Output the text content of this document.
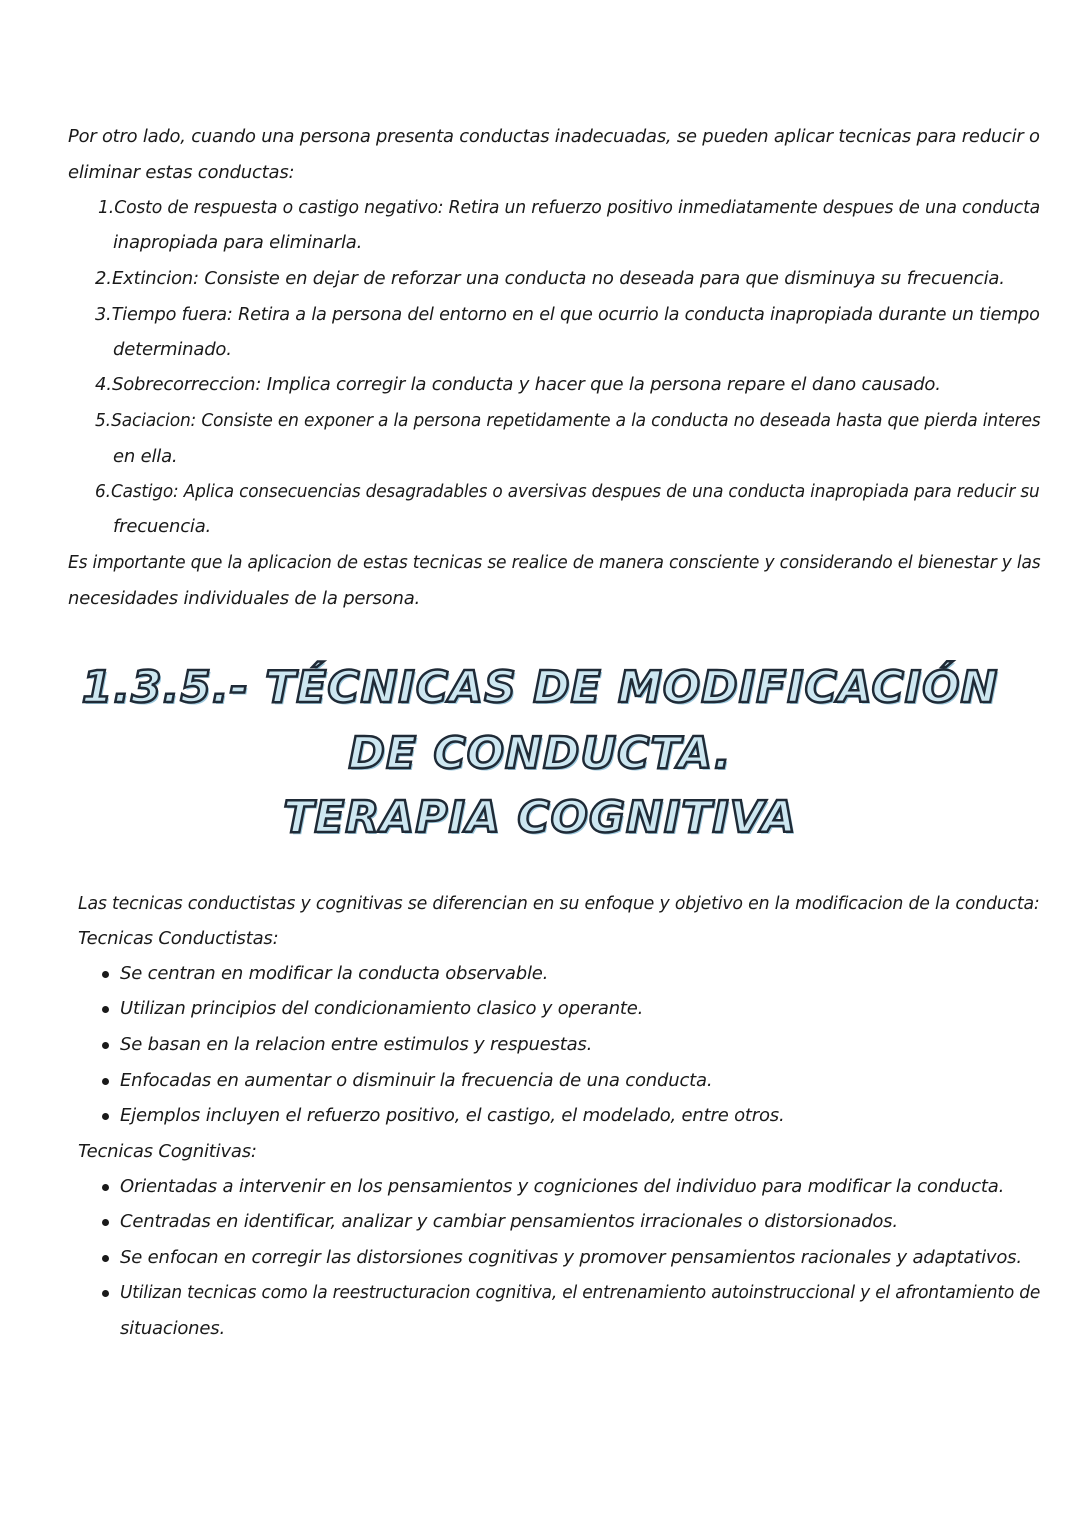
Por otro lado, cuando una persona presenta conductas inadecuadas, se pueden aplicar tecnicas para reducir o
eliminar estas conductas:
1.Costo de respuesta o castigo negativo: Retira un refuerzo positivo inmediatamente despues de una conducta
inapropiada para eliminarla.
2.Extincion: Consiste en dejar de reforzar una conducta no deseada para que disminuya su frecuencia.
3.Tiempo fuera: Retira a la persona del entorno en el que ocurrio la conducta inapropiada durante un tiempo
determinado.
4.Sobrecorreccion: Implica corregir la conducta y hacer que la persona repare el dano causado.
5.Saciacion: Consiste en exponer a la persona repetidamente a la conducta no deseada hasta que pierda interes
en ella.
6.Castigo: Aplica consecuencias desagradables o aversivas despues de una conducta inapropiada para reducir su
frecuencia.
Es importante que la aplicacion de estas tecnicas se realice de manera consciente y considerando el bienestar y las
necesidades individuales de la persona.
1.3.5.- TÉCNICAS DE MODIFICACIÓN
DE CONDUCTA.
TERAPIA COGNITIVA
Las tecnicas conductistas y cognitivas se diferencian en su enfoque y objetivo en la modificacion de la conducta:
Tecnicas Conductistas:
Se centran en modificar la conducta observable.
Utilizan principios del condicionamiento clasico y operante.
Se basan en la relacion entre estimulos y respuestas.
Enfocadas en aumentar o disminuir la frecuencia de una conducta.
Ejemplos incluyen el refuerzo positivo, el castigo, el modelado, entre otros.
Tecnicas Cognitivas:
Orientadas a intervenir en los pensamientos y cogniciones del individuo para modificar la conducta.
Centradas en identificar, analizar y cambiar pensamientos irracionales o distorsionados.
Se enfocan en corregir las distorsiones cognitivas y promover pensamientos racionales y adaptativos.
Utilizan tecnicas como la reestructuracion cognitiva, el entrenamiento autoinstruccional y el afrontamiento de
situaciones.
